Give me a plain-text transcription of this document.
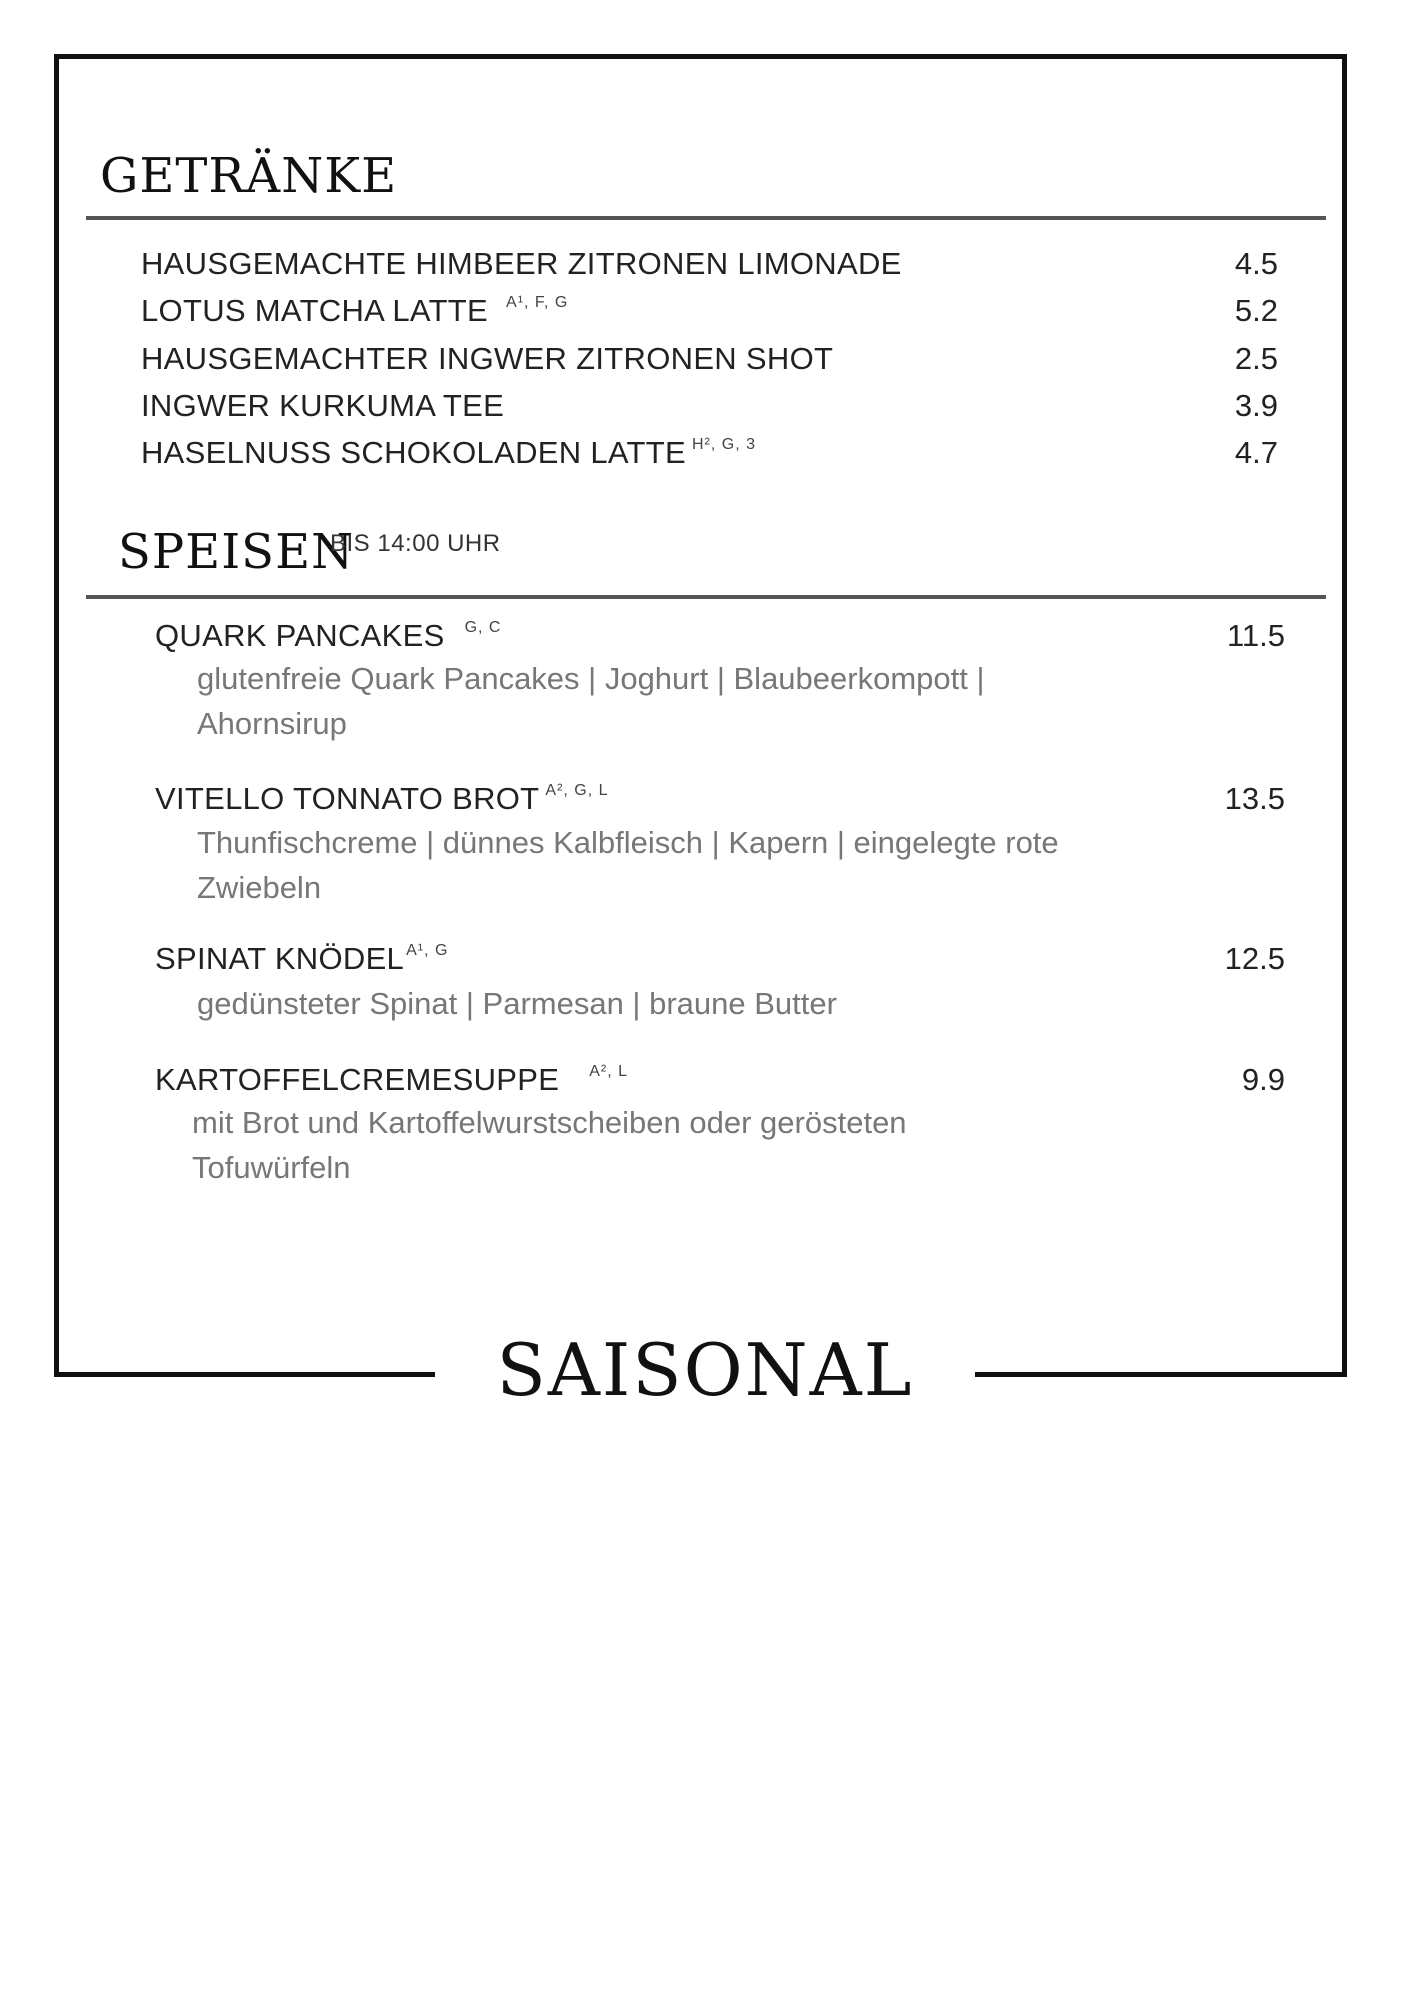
GETRÄNKE
HAUSGEMACHTE HIMBEER ZITRONEN LIMONADE	4.5
LOTUS MATCHA LATTE $^{A^1, F, G}$	5.2
HAUSGEMACHTER INGWER ZITRONEN SHOT	2.5
INGWER KURKUMA TEE	3.9
HASELNUSS SCHOKOLADEN LATTE $^{H^2, G, 3}$	4.7
SPEISEN
BIS 14:00 UHR
QUARK PANCAKES $^{G, C}$	11.5
glutenfreie Quark Pancakes | Joghurt | Blaubeerkompott | Ahornsirup
VITELLO TONNATO BROT $^{A^2, G, L}$	13.5
Thunfischcreme | dünnes Kalbfleisch | Kapern | eingelegte rote Zwiebeln
SPINAT KNÖDEL $^{A^1, G}$	12.5
gedünsteter Spinat | Parmesan | braune Butter
KARTOFFELCREMESUPPE $^{A^2, L}$	9.9
mit Brot und Kartoffelwurstscheiben oder gerösteten Tofuwürfeln
SAISONAL
